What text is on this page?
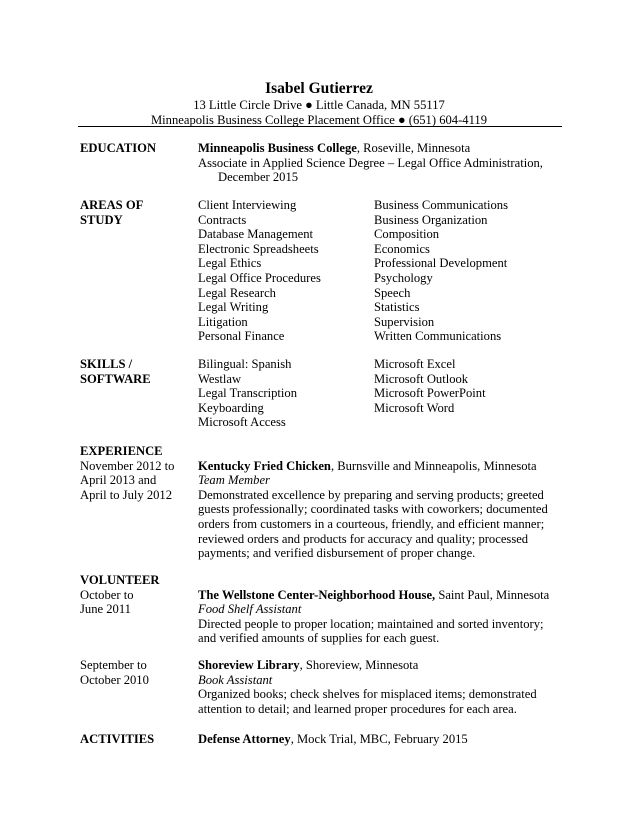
Isabel Gutierrez
13 Little Circle Drive ● Little Canada, MN 55117
Minneapolis Business College Placement Office ● (651) 604-4119
EDUCATION	Minneapolis Business College, Roseville, Minnesota
Associate in Applied Science Degree – Legal Office Administration,
December 2015
AREAS OF
STUDY
Client Interviewing
Contracts
Database Management
Electronic Spreadsheets
Legal Ethics
Legal Office Procedures
Legal Research
Legal Writing
Litigation
Personal Finance
Business Communications
Business Organization
Composition
Economics
Professional Development
Psychology
Speech
Statistics
Supervision
Written Communications
SKILLS /
SOFTWARE
Bilingual: Spanish
Westlaw
Legal Transcription
Keyboarding
Microsoft Access
Microsoft Excel
Microsoft Outlook
Microsoft PowerPoint
Microsoft Word
EXPERIENCE
November 2012 to
April 2013 and
April to July 2012
Kentucky Fried Chicken, Burnsville and Minneapolis, Minnesota
Team Member
Demonstrated excellence by preparing and serving products; greeted
guests professionally; coordinated tasks with coworkers; documented
orders from customers in a courteous, friendly, and efficient manner;
reviewed orders and products for accuracy and quality; processed
payments; and verified disbursement of proper change.
VOLUNTEER
October to
June 2011
The Wellstone Center-Neighborhood House, Saint Paul, Minnesota
Food Shelf Assistant
Directed people to proper location; maintained and sorted inventory;
and verified amounts of supplies for each guest.
September to
October 2010
Shoreview Library, Shoreview, Minnesota
Book Assistant
Organized books; check shelves for misplaced items; demonstrated
attention to detail; and learned proper procedures for each area.
ACTIVITIES	Defense Attorney, Mock Trial, MBC, February 2015
